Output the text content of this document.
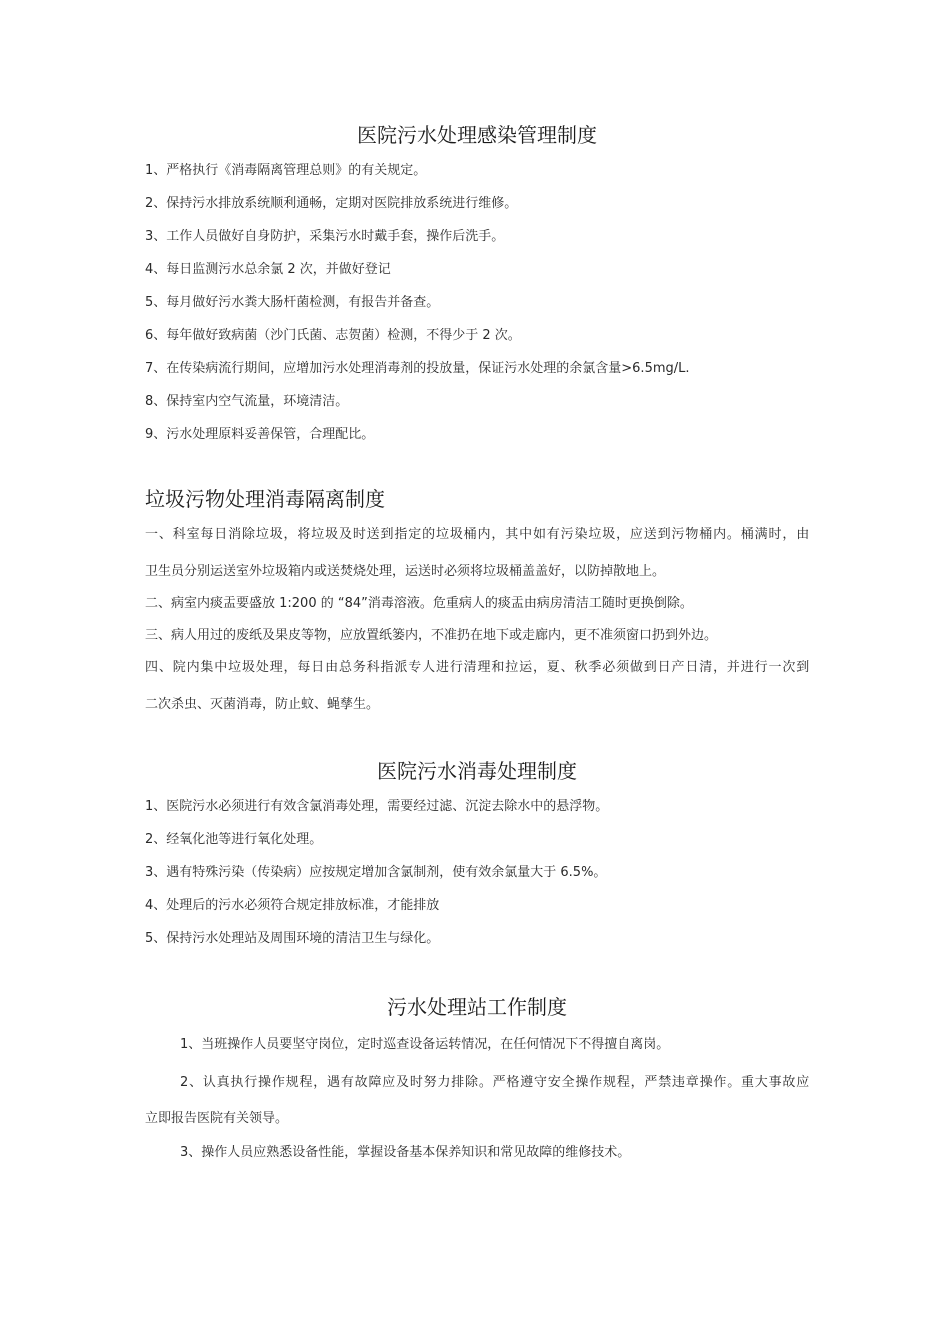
医院污水处理感染管理制度

1、严格执行《消毒隔离管理总则》的有关规定。

2、保持污水排放系统顺利通畅，定期对医院排放系统进行维修。

3、工作人员做好自身防护，采集污水时戴手套，操作后洗手。

4、每日监测污水总余氯 2 次，并做好登记

5、每月做好污水粪大肠杆菌检测，有报告并备查。

6、每年做好致病菌（沙门氏菌、志贺菌）检测，不得少于 2 次。

7、在传染病流行期间，应增加污水处理消毒剂的投放量，保证污水处理的余氯含量>6.5mg/L.

8、保持室内空气流量，环境清洁。

9、污水处理原料妥善保管，合理配比。

垃圾污物处理消毒隔离制度

一、科室每日消除垃圾，将垃圾及时送到指定的垃圾桶内，其中如有污染垃圾，应送到污物桶内。桶满时，由

卫生员分别运送室外垃圾箱内或送焚烧处理，运送时必须将垃圾桶盖盖好，以防掉散地上。

二、病室内痰盂要盛放 1:200 的 “84”消毒溶液。危重病人的痰盂由病房清洁工随时更换倒除。

三、病人用过的废纸及果皮等物，应放置纸篓内，不准扔在地下或走廊内，更不准须窗口扔到外边。

四、院内集中垃圾处理，每日由总务科指派专人进行清理和拉运，夏、秋季必须做到日产日清，并进行一次到

二次杀虫、灭菌消毒，防止蚊、蝇孳生。

医院污水消毒处理制度

1、医院污水必须进行有效含氯消毒处理，需要经过滤、沉淀去除水中的悬浮物。

2、经氧化池等进行氧化处理。

3、遇有特殊污染（传染病）应按规定增加含氯制剂，使有效余氯量大于 6.5%。

4、处理后的污水必须符合规定排放标准，才能排放

5、保持污水处理站及周围环境的清洁卫生与绿化。

污水处理站工作制度

1、当班操作人员要坚守岗位，定时巡查设备运转情况，在任何情况下不得擅自离岗。

2、认真执行操作规程，遇有故障应及时努力排除。严格遵守安全操作规程，严禁违章操作。重大事故应

立即报告医院有关领导。

3、操作人员应熟悉设备性能，掌握设备基本保养知识和常见故障的维修技术。
